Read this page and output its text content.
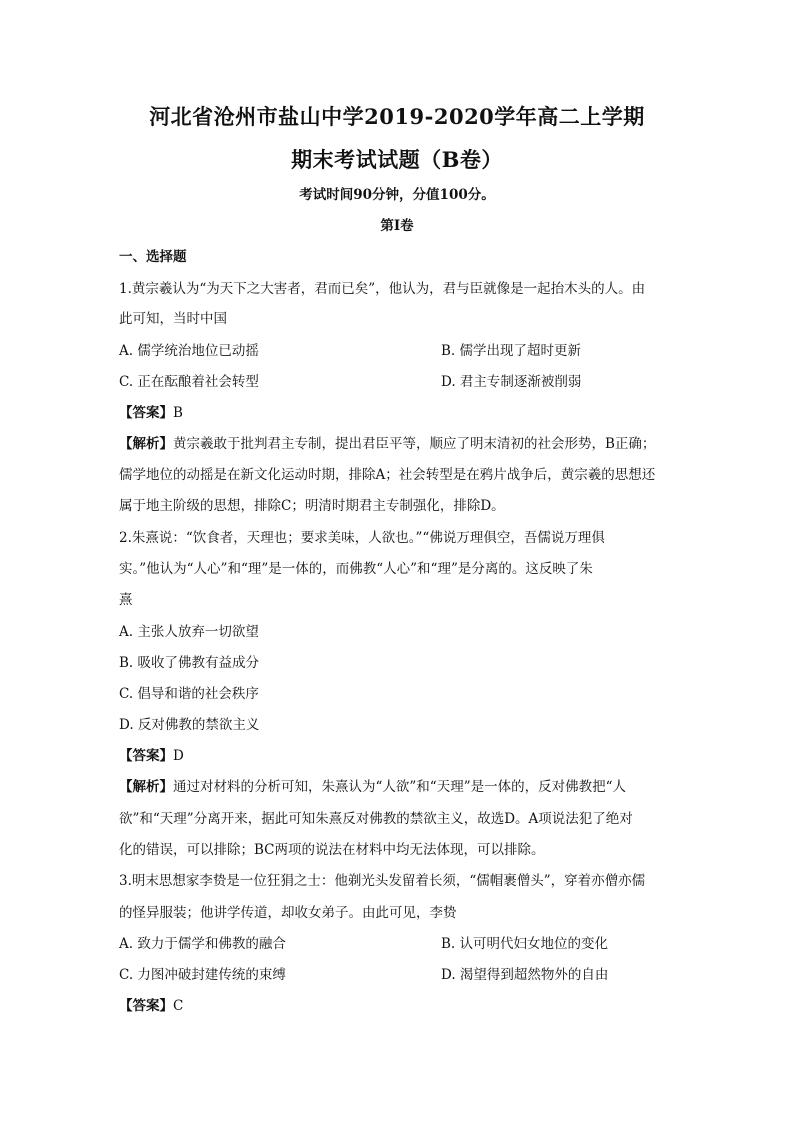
河北省沧州市盐山中学2019-2020学年高二上学期
期末考试试题（B卷）
考试时间90分钟，分值100分。
第Ⅰ卷
一、选择题
1.黄宗羲认为“为天下之大害者，君而已矣”，他认为，君与臣就像是一起抬木头的人。由
此可知，当时中国
A. 儒学统治地位已动摇	B. 儒学出现了超时更新
C. 正在酝酿着社会转型	D. 君主专制逐渐被削弱
【答案】B
【解析】黄宗羲敢于批判君主专制，提出君臣平等，顺应了明末清初的社会形势，B正确；
儒学地位的动摇是在新文化运动时期，排除A；社会转型是在鸦片战争后，黄宗羲的思想还
属于地主阶级的思想，排除C；明清时期君主专制强化，排除D。
2.朱熹说：“饮食者，天理也；要求美味，人欲也。”“佛说万理俱空，吾儒说万理俱
实。”他认为“人心”和“理”是一体的，而佛教“人心”和“理”是分离的。这反映了朱
熹
A. 主张人放弃一切欲望
B. 吸收了佛教有益成分
C. 倡导和谐的社会秩序
D. 反对佛教的禁欲主义
【答案】D
【解析】通过对材料的分析可知，朱熹认为“人欲”和“天理”是一体的，反对佛教把“人
欲”和“天理”分离开来，据此可知朱熹反对佛教的禁欲主义，故选D。A项说法犯了绝对
化的错误，可以排除；BC两项的说法在材料中均无法体现，可以排除。
3.明末思想家李贽是一位狂狷之士：他剃光头发留着长须，“儒帽裹僧头”，穿着亦僧亦儒
的怪异服装；他讲学传道，却收女弟子。由此可见，李贽
A. 致力于儒学和佛教的融合	B. 认可明代妇女地位的变化
C. 力图冲破封建传统的束缚	D. 渴望得到超然物外的自由
【答案】C
